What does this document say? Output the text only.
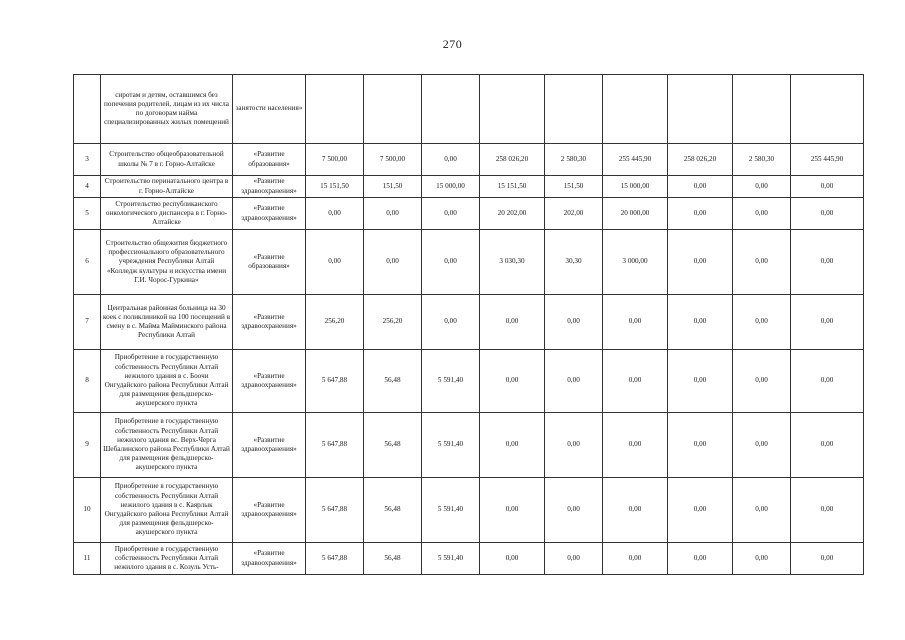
270
	сиротам и детям, оставшимся без попечения родителей, лицам из их числа по договорам найма специализированных жилых помещений	занятости населения»									
3	Строительство общеобразовательной школы № 7 в г. Горно-Алтайске	«Развитие образования»	7 500,00	7 500,00	0,00	258 026,20	2 580,30	255 445,90	258 026,20	2 580,30	255 445,90
4	Строительство перинатального центра в г. Горно-Алтайске	«Развитие здравоохранения»	15 151,50	151,50	15 000,00	15 151,50	151,50	15 000,00	0,00	0,00	0,00
5	Строительство республиканского онкологического диспансера в г. Горно-Алтайске	«Развитие здравоохранения»	0,00	0,00	0,00	20 202,00	202,00	20 000,00	0,00	0,00	0,00
6	Строительство общежития бюджетного профессионального образовательного учреждения Республики Алтай «Колледж культуры и искусства имени Г.И. Чорос-Гуркина»	«Развитие образования»	0,00	0,00	0,00	3 030,30	30,30	3 000,00	0,00	0,00	0,00
7	Центральная районная больница на 30 коек с поликлиникой на 100 посещений в смену в с. Майма Майминского района Республики Алтай	«Развитие здравоохранения»	256,20	256,20	0,00	0,00	0,00	0,00	0,00	0,00	0,00
8	Приобретение в государственную собственность Республики Алтай нежилого здания в с. Боочи Онгудайского района Республики Алтай для размещения фельдшерско-акушерского пункта	«Развитие здравоохранения»	5 647,88	56,48	5 591,40	0,00	0,00	0,00	0,00	0,00	0,00
9	Приобретение в государственную собственность Республики Алтай нежилого здания вс. Верх-Черга Шебалинского района Республики Алтай для размещения фельдшерско-акушерского пункта	«Развитие здравоохранения»	5 647,88	56,48	5 591,40	0,00	0,00	0,00	0,00	0,00	0,00
10	Приобретение в государственную собственность Республики Алтай нежилого здания в с. Каярлык Онгудайского района Республики Алтай для размещения фельдшерско-акушерского пункта	«Развитие здравоохранения»	5 647,88	56,48	5 591,40	0,00	0,00	0,00	0,00	0,00	0,00
11	Приобретение в государственную собственность Республики Алтай нежилого здания в с. Козуль Усть-	«Развитие здравоохранения»	5 647,88	56,48	5 591,40	0,00	0,00	0,00	0,00	0,00	0,00
